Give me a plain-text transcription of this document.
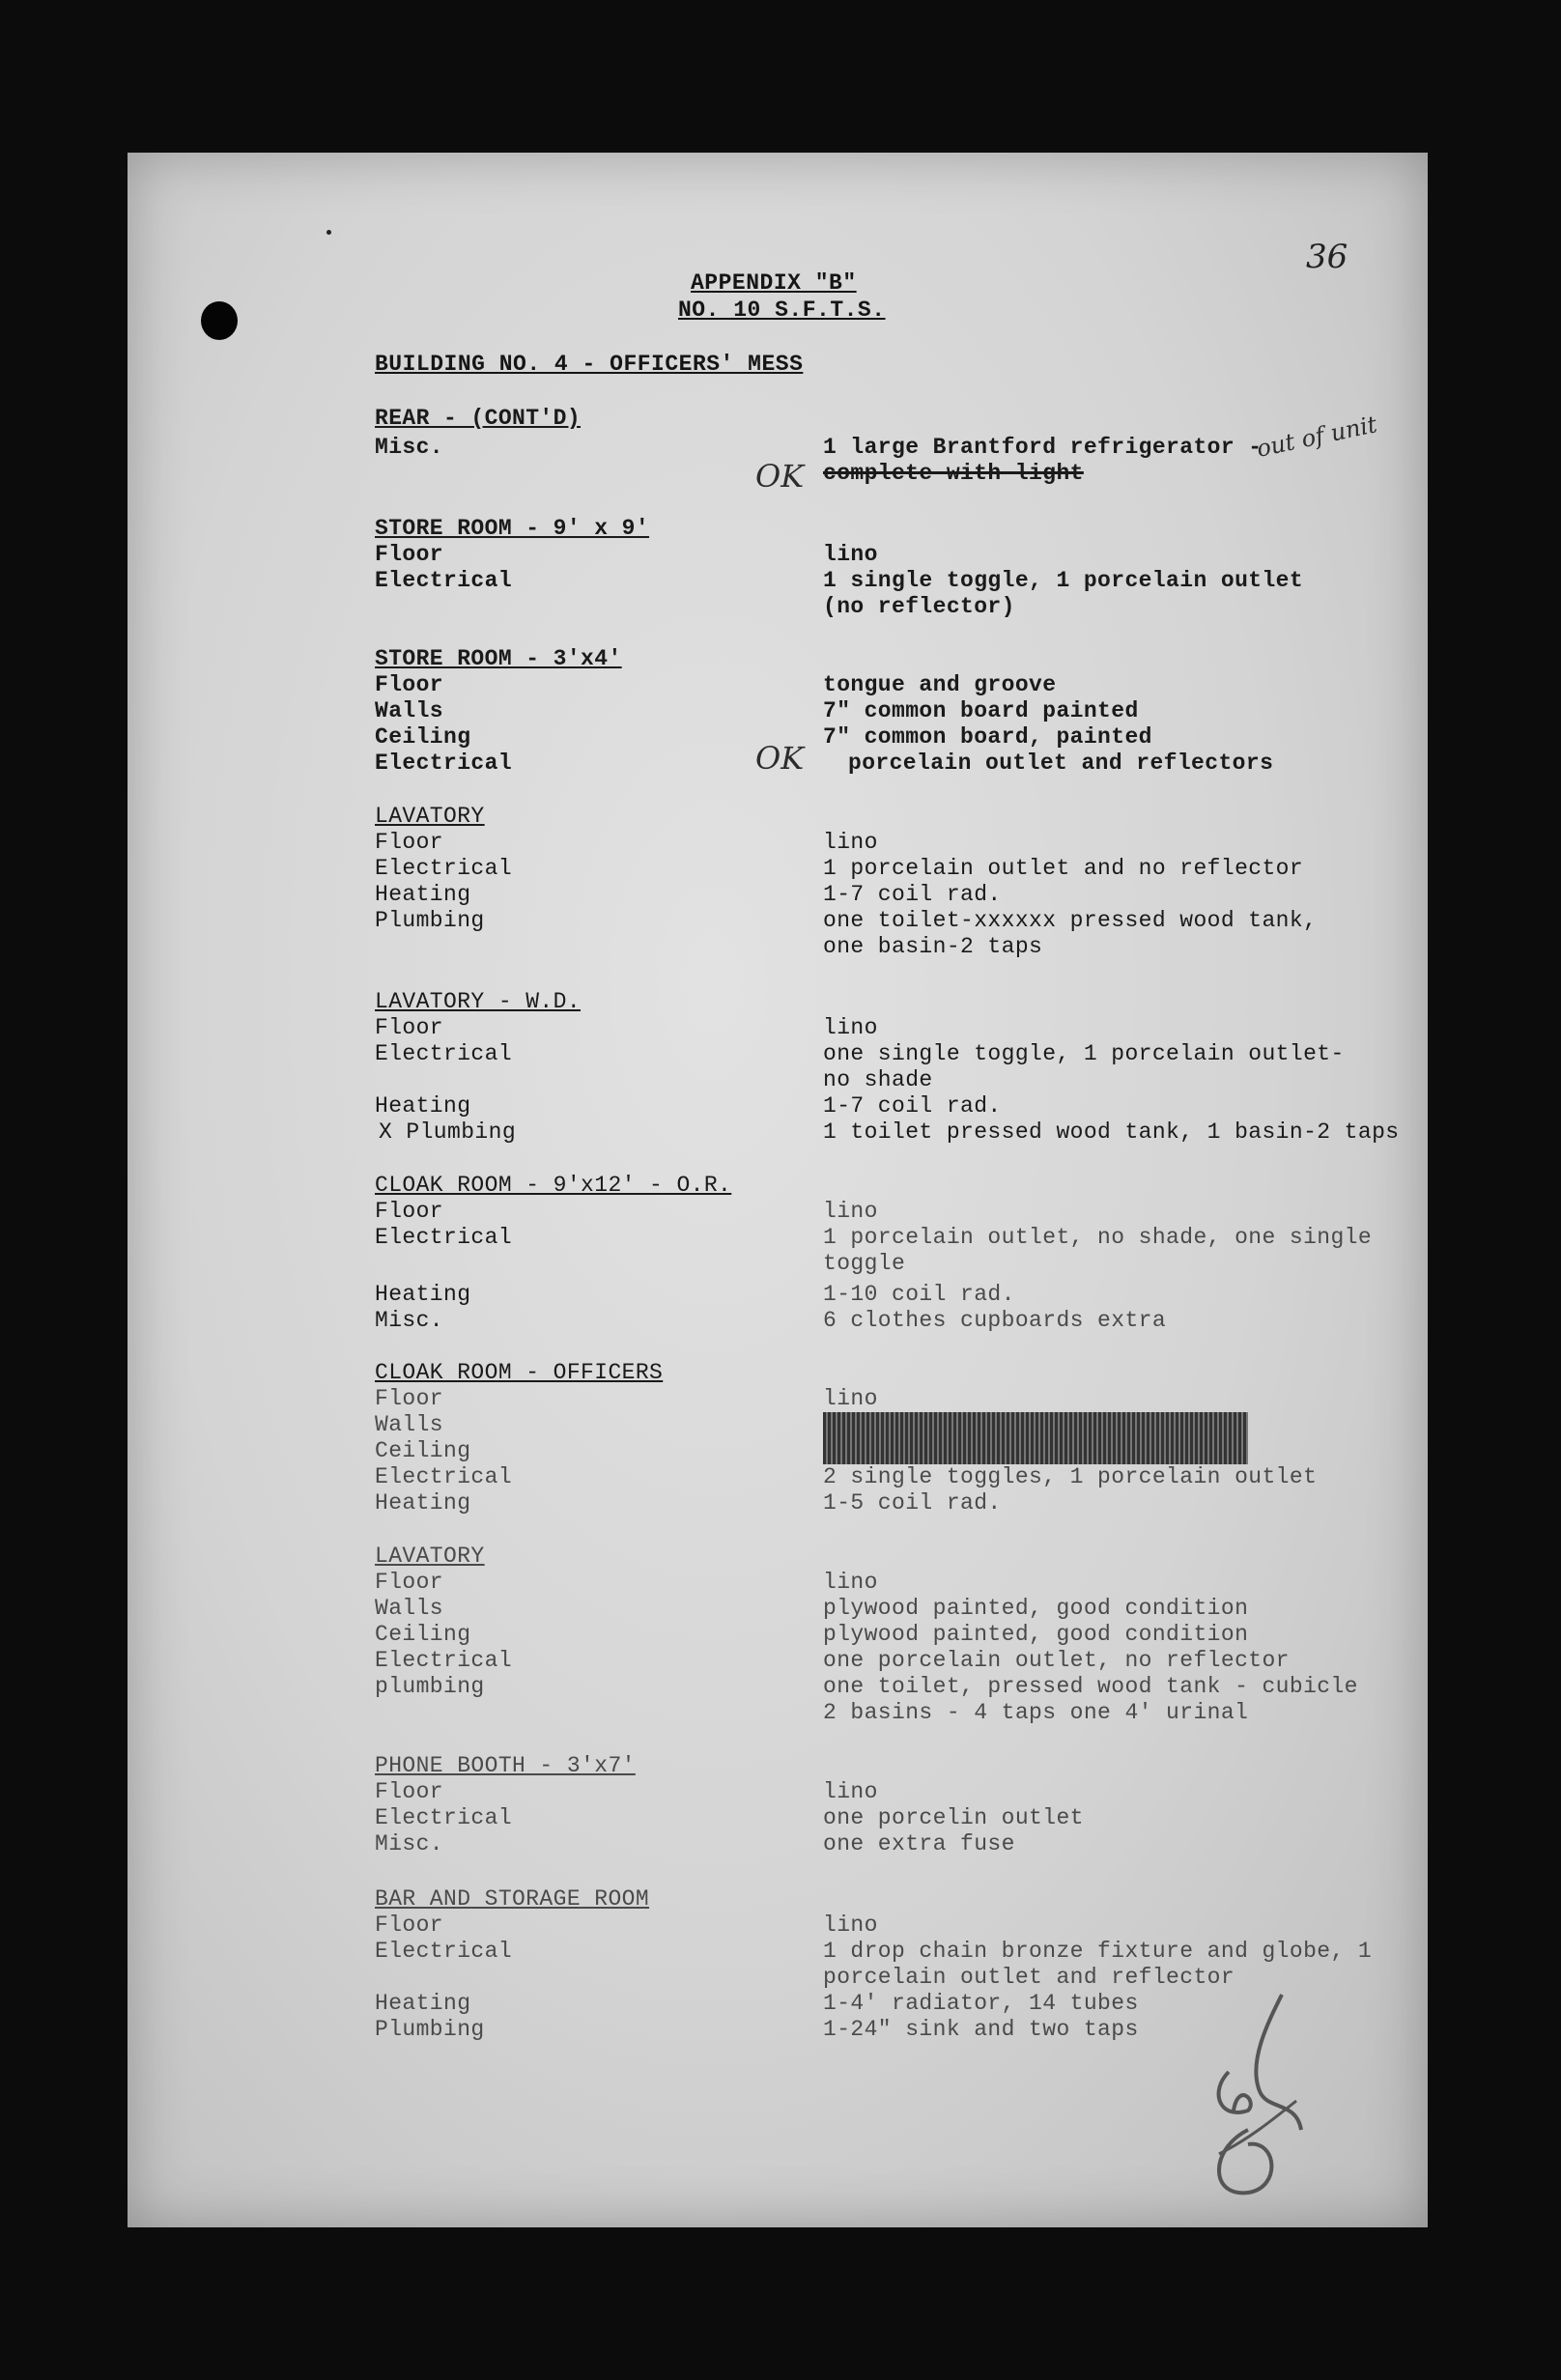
36
APPENDIX "B"
NO. 10 S.F.T.S.
BUILDING NO. 4 - OFFICERS' MESS
REAR - (CONT'D)
Misc.	1 large Brantford refrigerator -
complete with light
out of unit
OK
STORE ROOM - 9' x 9'
Floor	lino
Electrical	1 single toggle, 1 porcelain outlet
(no reflector)
STORE ROOM - 3'x4'
Floor	tongue and groove
Walls	7" common board painted
Ceiling	7" common board, painted
Electrical	porcelain outlet and reflectors
OK
LAVATORY
Floor	lino
Electrical	1 porcelain outlet and no reflector
Heating	1-7 coil rad.
Plumbing	one toilet-xxxxxx pressed wood tank,
one basin-2 taps
LAVATORY - W.D.
Floor	lino
Electrical	one single toggle, 1 porcelain outlet-
no shade
Heating	1-7 coil rad.
X Plumbing	1 toilet pressed wood tank, 1 basin-2 taps
CLOAK ROOM - 9'x12' - O.R.
Floor	lino
Electrical	1 porcelain outlet, no shade, one single
toggle
Heating	1-10 coil rad.
Misc.	6 clothes cupboards extra
CLOAK ROOM - OFFICERS
Floor	lino
Walls
Ceiling
Electrical	2 single toggles, 1 porcelain outlet
Heating	1-5 coil rad.
LAVATORY
Floor	lino
Walls	plywood painted, good condition
Ceiling	plywood painted, good condition
Electrical	one porcelain outlet, no reflector
plumbing	one toilet, pressed wood tank - cubicle
2 basins - 4 taps one 4' urinal
PHONE BOOTH - 3'x7'
Floor	lino
Electrical	one porcelin outlet
Misc.	one extra fuse
BAR AND STORAGE ROOM
Floor	lino
Electrical	1 drop chain bronze fixture and globe, 1
porcelain outlet and reflector
Heating	1-4' radiator, 14 tubes
Plumbing	1-24" sink and two taps
